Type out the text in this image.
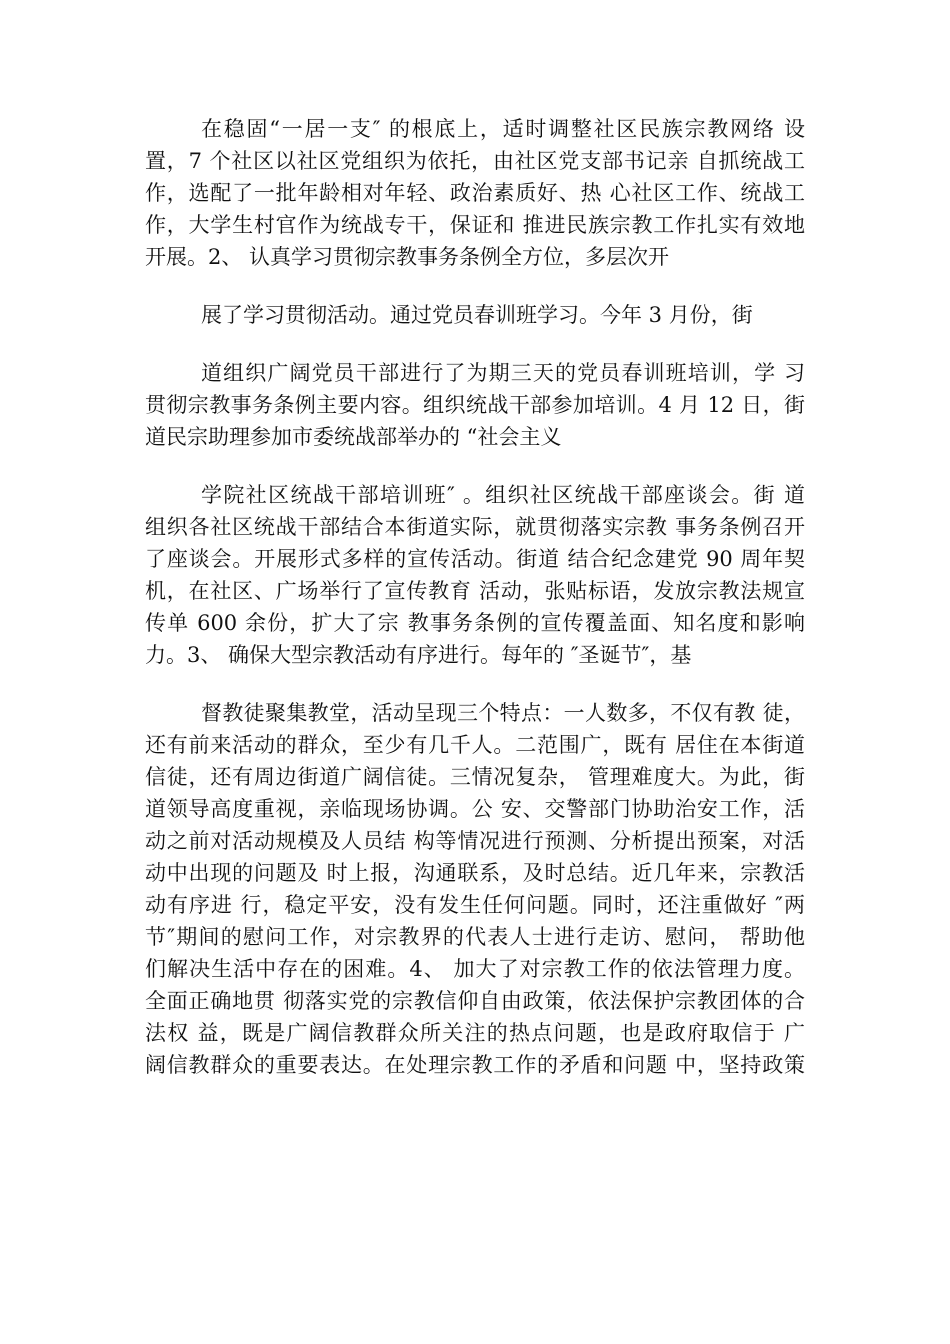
在稳固“一居一支″ 的根底上，适时调整社区民族宗教网络 设
置，7 个社区以社区党组织为依托，由社区党支部书记亲 自抓统战工
作，选配了一批年龄相对年轻、政治素质好、热 心社区工作、统战工
作，大学生村官作为统战专干，保证和 推进民族宗教工作扎实有效地
开展。2、 认真学习贯彻宗教事务条例全方位，多层次开
展了学习贯彻活动。通过党员春训班学习。今年 3 月份，街
道组织广阔党员干部进行了为期三天的党员春训班培训，学 习
贯彻宗教事务条例主要内容。组织统战干部参加培训。4 月 12 日，街
道民宗助理参加市委统战部举办的 “社会主义
学院社区统战干部培训班″ 。组织社区统战干部座谈会。街 道
组织各社区统战干部结合本街道实际，就贯彻落实宗教 事务条例召开
了座谈会。开展形式多样的宣传活动。街道 结合纪念建党 90 周年契
机，在社区、广场举行了宣传教育 活动，张贴标语，发放宗教法规宣
传单 600 余份，扩大了宗 教事务条例的宣传覆盖面、知名度和影响
力。3、 确保大型宗教活动有序进行。每年的 ″圣诞节″，基
督教徒聚集教堂，活动呈现三个特点：一人数多，不仅有教 徒，
还有前来活动的群众，至少有几千人。二范围广，既有 居住在本街道
信徒，还有周边街道广阔信徒。三情况复杂， 管理难度大。为此，街
道领导高度重视，亲临现场协调。公 安、交警部门协助治安工作，活
动之前对活动规模及人员结 构等情况进行预测、分析提出预案，对活
动中出现的问题及 时上报，沟通联系，及时总结。近几年来，宗教活
动有序进 行，稳定平安，没有发生任何问题。同时，还注重做好 ″两
节″期间的慰问工作，对宗教界的代表人士进行走访、慰问， 帮助他
们解决生活中存在的困难。4、 加大了对宗教工作的依法管理力度。
全面正确地贯 彻落实党的宗教信仰自由政策，依法保护宗教团体的合
法权 益，既是广阔信教群众所关注的热点问题，也是政府取信于 广
阔信教群众的重要表达。在处理宗教工作的矛盾和问题 中，坚持政策
